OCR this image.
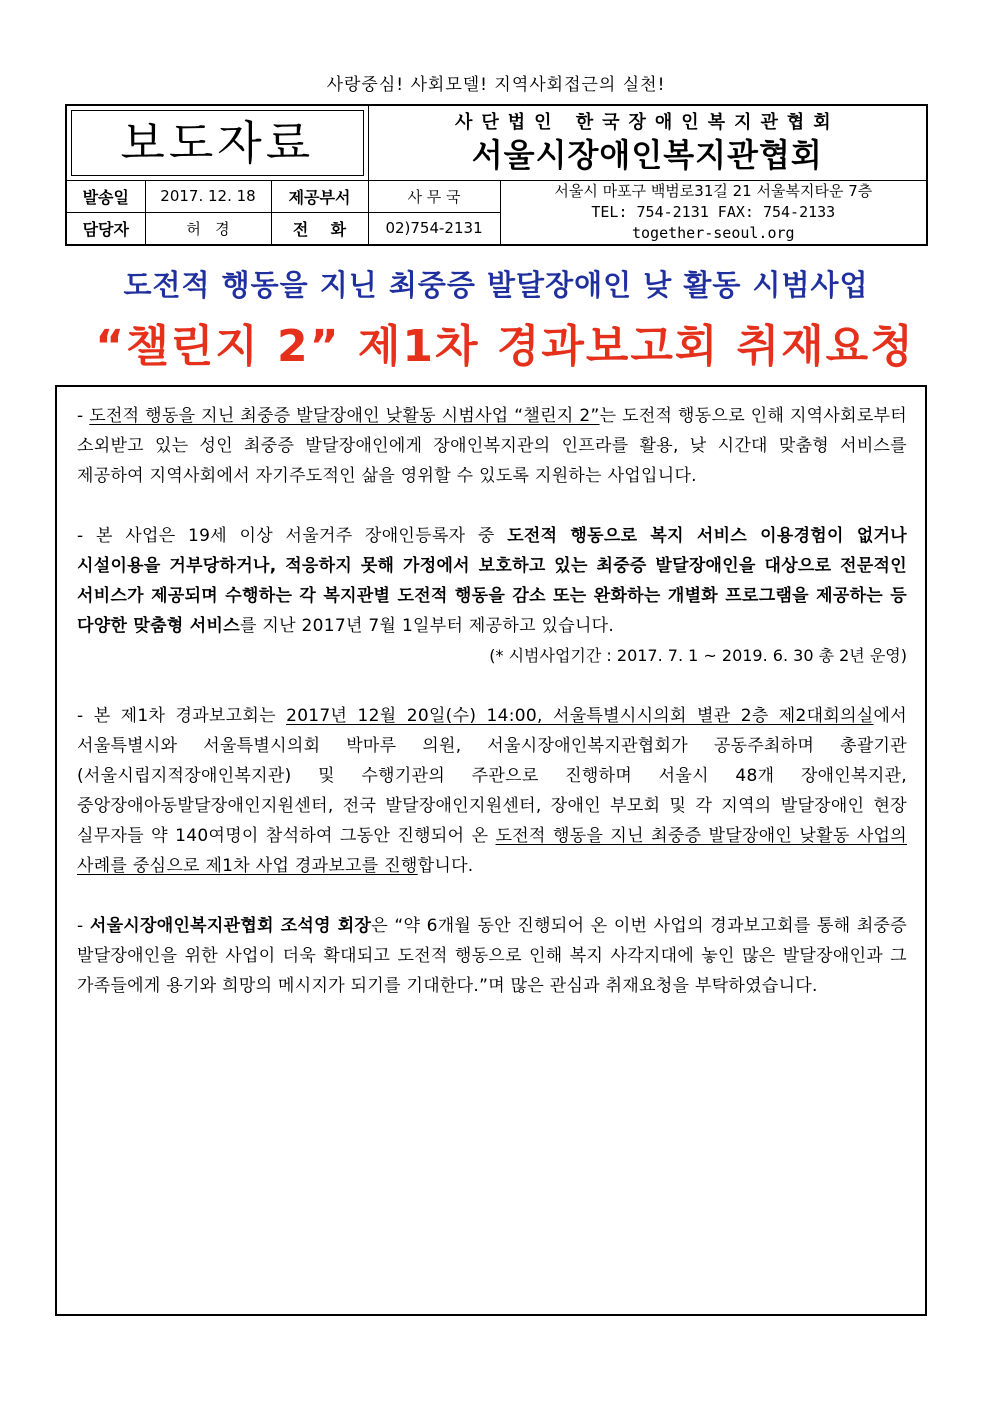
사랑중심! 사회모델! 지역사회접근의 실천!
보도자료			사단법인 한국장애인복지관협회
서울시장애인복지관협회	

발송일	2017. 12. 18	제공부서	사 무 국	서울시 마포구 백범로31길 21 서울복지타운 7층
TEL: 754-2131 FAX: 754-2133
together-seoul.org

담당자	허   경	전    화	02)754-2131	
도전적 행동을 지닌 최중증 발달장애인 낮 활동 시범사업
“챌린지 2” 제1차 경과보고회 취재요청

- 도전적 행동을 지닌 최중증 발달장애인 낮활동 시범사업 “챌린지 2”는 도전적 행동으로 인해 지역사회로부터 소외받고 있는 성인 최중증 발달장애인에게 장애인복지관의 인프라를 활용, 낮 시간대 맞춤형 서비스를 제공하여 지역사회에서 자기주도적인 삶을 영위할 수 있도록 지원하는 사업입니다.

- 본 사업은 19세 이상 서울거주 장애인등록자 중 도전적 행동으로 복지 서비스 이용경험이 없거나 시설이용을 거부당하거나, 적응하지 못해 가정에서 보호하고 있는 최중증 발달장애인을 대상으로 전문적인 서비스가 제공되며 수행하는 각 복지관별 도전적 행동을 감소 또는 완화하는 개별화 프로그램을 제공하는 등 다양한 맞춤형 서비스를 지난 2017년 7월 1일부터 제공하고 있습니다.

(* 시범사업기간 : 2017. 7. 1 ~ 2019. 6. 30 총 2년 운영)

- 본 제1차 경과보고회는 2017년 12월 20일(수) 14:00, 서울특별시시의회 별관 2층 제2대회의실에서 서울특별시와 서울특별시의회 박마루 의원, 서울시장애인복지관협회가 공동주최하며 총괄기관(서울시립지적장애인복지관) 및 수행기관의 주관으로 진행하며 서울시 48개 장애인복지관, 중앙장애아동발달장애인지원센터, 전국 발달장애인지원센터, 장애인 부모회 및 각 지역의 발달장애인 현장 실무자들 약 140여명이 참석하여 그동안 진행되어 온 도전적 행동을 지닌 최중증 발달장애인 낮활동 사업의 사례를 중심으로 제1차 사업 경과보고를 진행합니다.

- 서울시장애인복지관협회 조석영 회장은 “약 6개월 동안 진행되어 온 이번 사업의 경과보고회를 통해 최중증 발달장애인을 위한 사업이 더욱 확대되고 도전적 행동으로 인해 복지 사각지대에 놓인 많은 발달장애인과 그 가족들에게 용기와 희망의 메시지가 되기를 기대한다.”며 많은 관심과 취재요청을 부탁하였습니다.
